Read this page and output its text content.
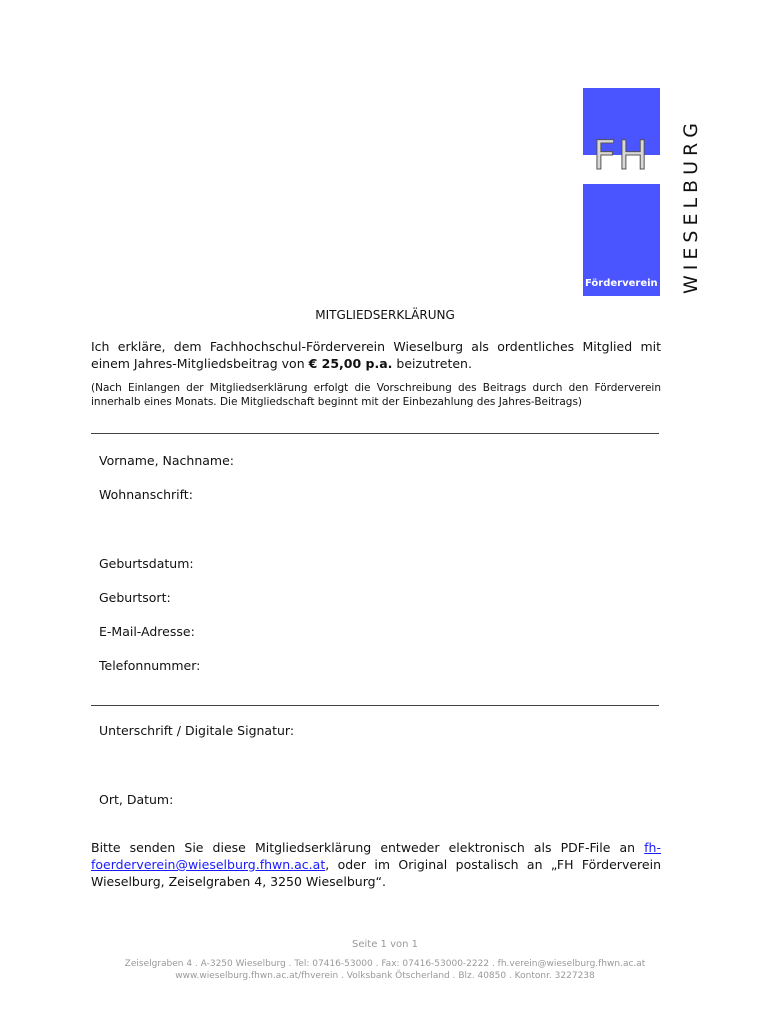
FH
Förderverein WIESELBURG
MITGLIEDSERKLÄRUNG
Ich erkläre, dem Fachhochschul-Förderverein Wieselburg als ordentliches Mitglied mit einem Jahres-Mitgliedsbeitrag von € 25,00 p.a. beizutreten.
(Nach Einlangen der Mitgliedserklärung erfolgt die Vorschreibung des Beitrags durch den Förderverein innerhalb eines Monats. Die Mitgliedschaft beginnt mit der Einbezahlung des Jahres-Beitrags)
Vorname, Nachname:
Wohnanschrift:
Geburtsdatum:
Geburtsort:
E-Mail-Adresse:
Telefonnummer:
Unterschrift / Digitale Signatur:
Ort, Datum:
Bitte senden Sie diese Mitgliedserklärung entweder elektronisch als PDF-File an fh-foerderverein@wieselburg.fhwn.ac.at, oder im Original postalisch an „FH Förderverein Wieselburg, Zeiselgraben 4, 3250 Wieselburg“.
Seite 1 von 1
Zeiselgraben 4 . A-3250 Wieselburg . Tel: 07416-53000 . Fax: 07416-53000-2222 . fh.verein@wieselburg.fhwn.ac.at
www.wieselburg.fhwn.ac.at/fhverein . Volksbank Ötscherland . Blz. 40850 . Kontonr. 3227238
